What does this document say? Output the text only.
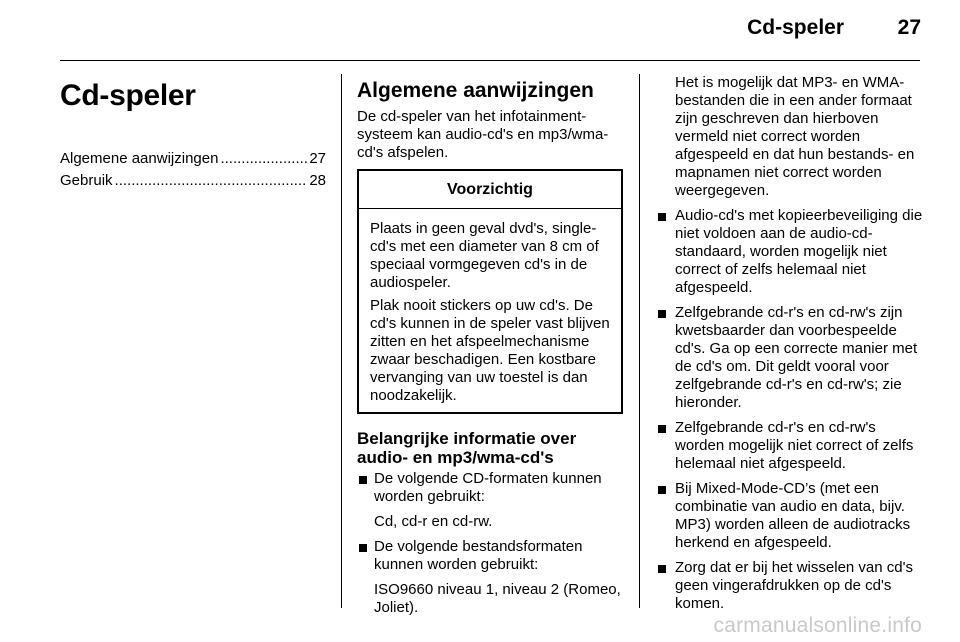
Cd-speler	27
Cd-speler
Algemene aanwijzingen .....	27
Gebruik .....	28
Algemene aanwijzingen

De cd-speler van het infotainment-systeem kan audio-cd's en mp3/wma-cd's afspelen.

Voorzichtig

Plaats in geen geval dvd's, single-cd's met een diameter van 8 cm of speciaal vormgegeven cd's in de audiospeler.

Plak nooit stickers op uw cd's. De cd's kunnen in de speler vast blijven zitten en het afspeelmechanisme zwaar beschadigen. Een kostbare vervanging van uw toestel is dan noodzakelijk.

Belangrijke informatie over audio- en mp3/wma-cd's
De volgende CD-formaten kunnen worden gebruikt:
Cd, cd-r en cd-rw.
De volgende bestandsformaten kunnen worden gebruikt:
ISO9660 niveau 1, niveau 2 (Romeo, Joliet).

Het is mogelijk dat MP3- en WMA-bestanden die in een ander formaat zijn geschreven dan hierboven vermeld niet correct worden afgespeeld en dat hun bestands- en mapnamen niet correct worden weergegeven.

Audio-cd's met kopieerbeveiliging die niet voldoen aan de audio-cd-standaard, worden mogelijk niet correct of zelfs helemaal niet afgespeeld.
Zelfgebrande cd-r's en cd-rw's zijn kwetsbaarder dan voorbespeelde cd's. Ga op een correcte manier met de cd's om. Dit geldt vooral voor zelfgebrande cd-r's en cd-rw's; zie hieronder.
Zelfgebrande cd-r's en cd-rw's worden mogelijk niet correct of zelfs helemaal niet afgespeeld.
Bij Mixed-Mode-CD’s (met een combinatie van audio en data, bijv. MP3) worden alleen de audiotracks herkend en afgespeeld.
Zorg dat er bij het wisselen van cd's geen vingerafdrukken op de cd's komen.
carmanualsonline.info
